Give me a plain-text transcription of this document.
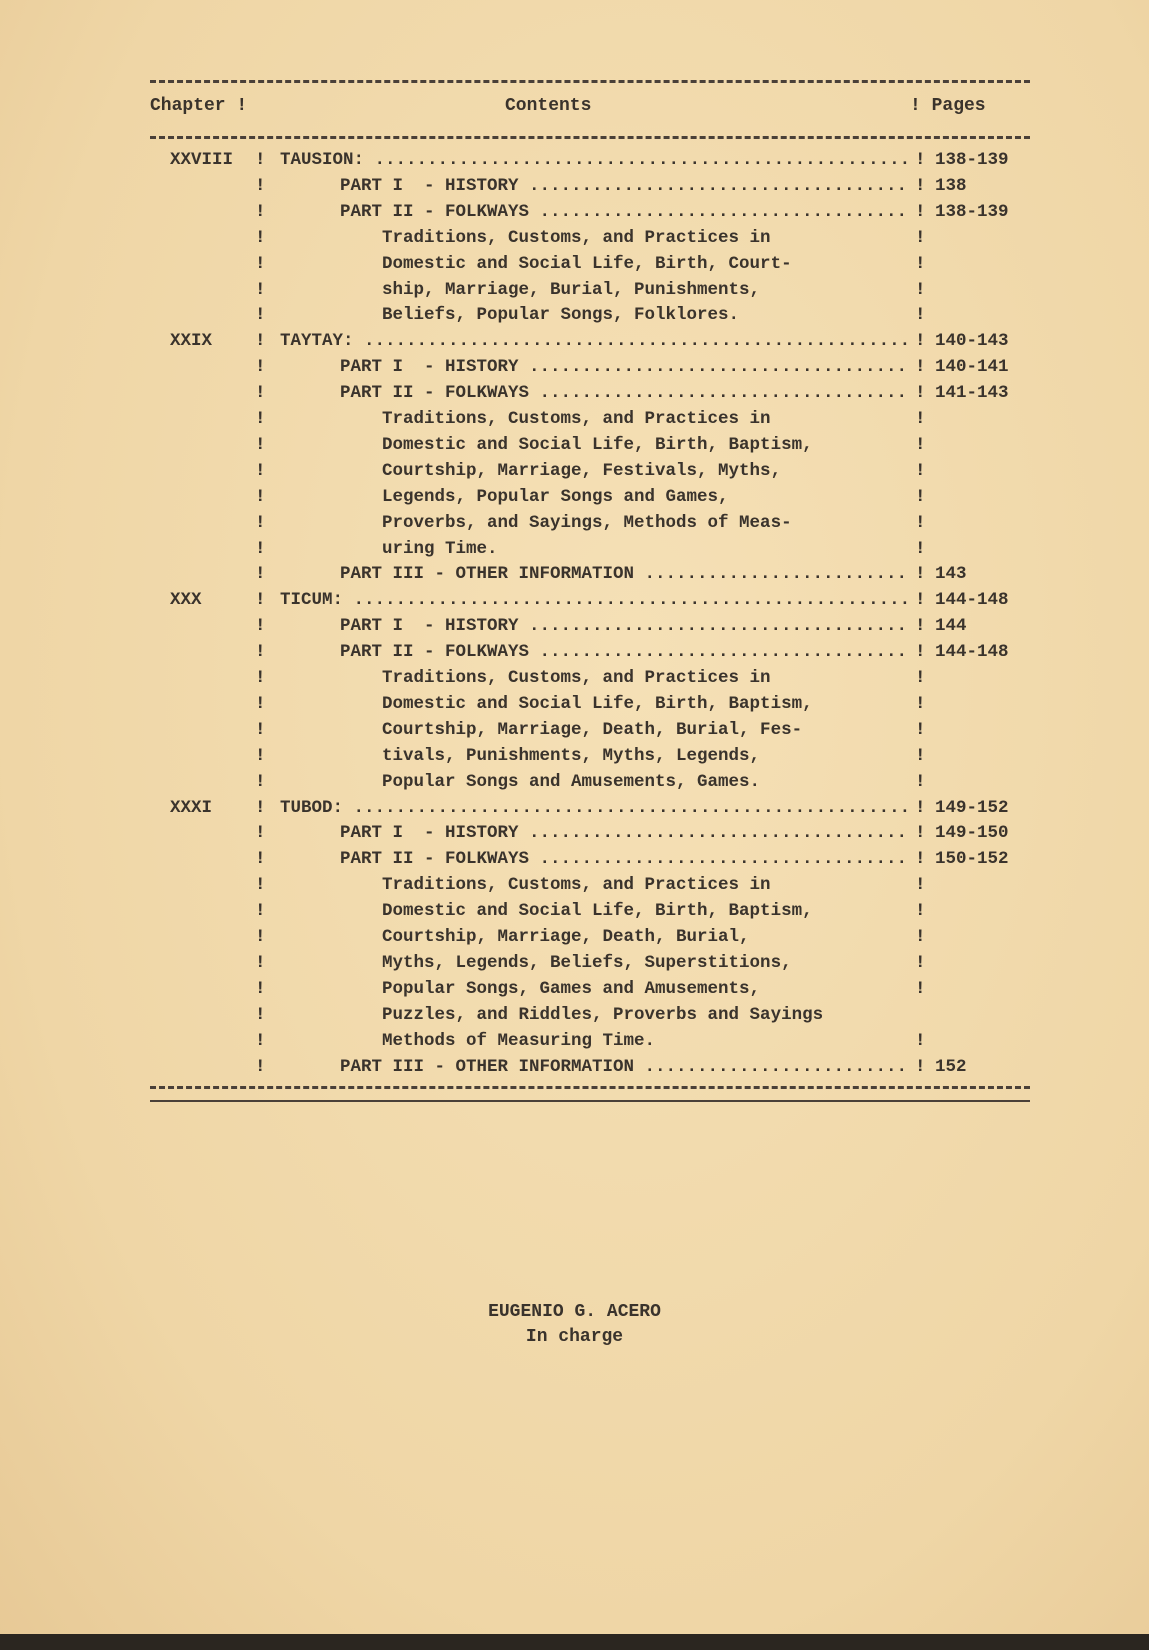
Chapter !	Contents	! Pages
XXVIII ! TAUSION: ................................................... ! 138-139
!	PART I  - HISTORY .................................... ! 138
!	PART II - FOLKWAYS ................................... ! 138-139
!	Traditions, Customs, and Practices in	!
!	Domestic and Social Life, Birth, Court-	!
!	ship, Marriage, Burial, Punishments,	!
!	Beliefs, Popular Songs, Folklores.	!
XXIX ! TAYTAY: .................................................... ! 140-143
!	PART I  - HISTORY .................................... ! 140-141
!	PART II - FOLKWAYS ................................... ! 141-143
!	Traditions, Customs, and Practices in	!
!	Domestic and Social Life, Birth, Baptism,	!
!	Courtship, Marriage, Festivals, Myths,	!
!	Legends, Popular Songs and Games,	!
!	Proverbs, and Sayings, Methods of Meas-	!
!	uring Time.	!
!	PART III - OTHER INFORMATION ......................... ! 143
XXX	! TICUM: ..................................................... ! 144-148
!	PART I  - HISTORY .................................... ! 144
!	PART II - FOLKWAYS ................................... ! 144-148
!	Traditions, Customs, and Practices in	!
!	Domestic and Social Life, Birth, Baptism,	!
!	Courtship, Marriage, Death, Burial, Fes-	!
!	tivals, Punishments, Myths, Legends,	!
!	Popular Songs and Amusements, Games.	!
XXXI ! TUBOD: ..................................................... ! 149-152
!	PART I  - HISTORY .................................... ! 149-150
!	PART II - FOLKWAYS ................................... ! 150-152
!	Traditions, Customs, and Practices in	!
!	Domestic and Social Life, Birth, Baptism,	!
!	Courtship, Marriage, Death, Burial,	!
!	Myths, Legends, Beliefs, Superstitions,	!
!	Popular Songs, Games and Amusements,	!
!	Puzzles, and Riddles, Proverbs and Sayings
!	Methods of Measuring Time.	!
!	PART III - OTHER INFORMATION ......................... ! 152
EUGENIO G. ACERO
In charge
